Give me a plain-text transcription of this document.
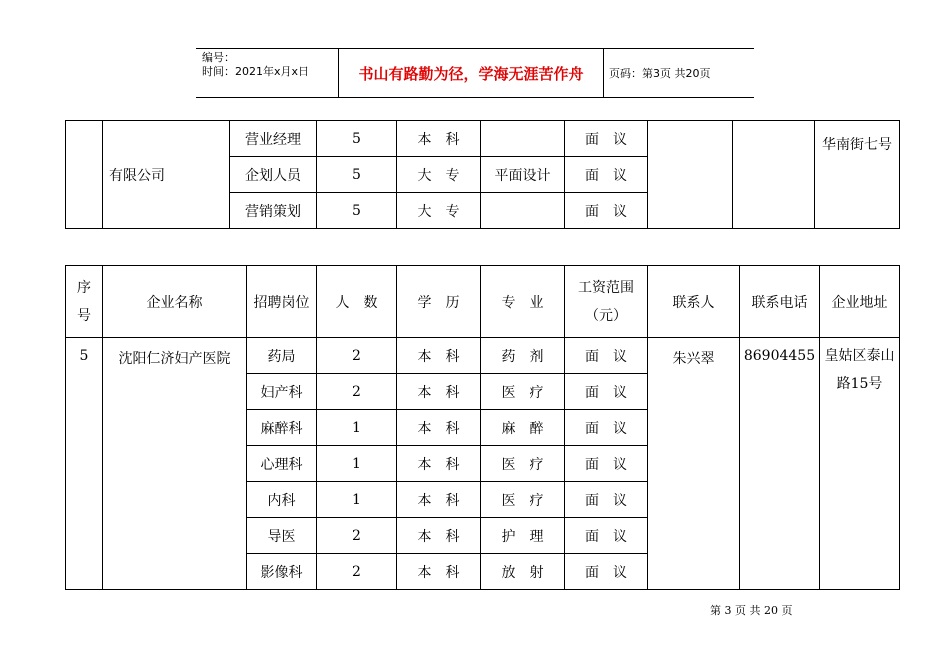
编号：
时间：2021年x月x日	书山有路勤为径，学海无涯苦作舟	页码：第3页 共20页
	有限公司	营业经理	5	本　科		面　议			华南街七号
		企划人员	5	大　专	平面设计	面　议			
		营销策划	5	大　专		面　议			
序号	企业名称	招聘岗位	人　数	学　历	专　业	工资范围（元）	联系人	联系电话	企业地址
5	沈阳仁济妇产医院	药局	2	本　科	药　剂	面　议	朱兴翠	86904455	皇姑区泰山路15号
		妇产科	2	本　科	医　疗	面　议			
		麻醉科	1	本　科	麻　醉	面　议			
		心理科	1	本　科	医　疗	面　议			
		内科	1	本　科	医　疗	面　议			
		导医	2	本　科	护　理	面　议			
		影像科	2	本　科	放　射	面　议			
第 3 页 共 20 页
